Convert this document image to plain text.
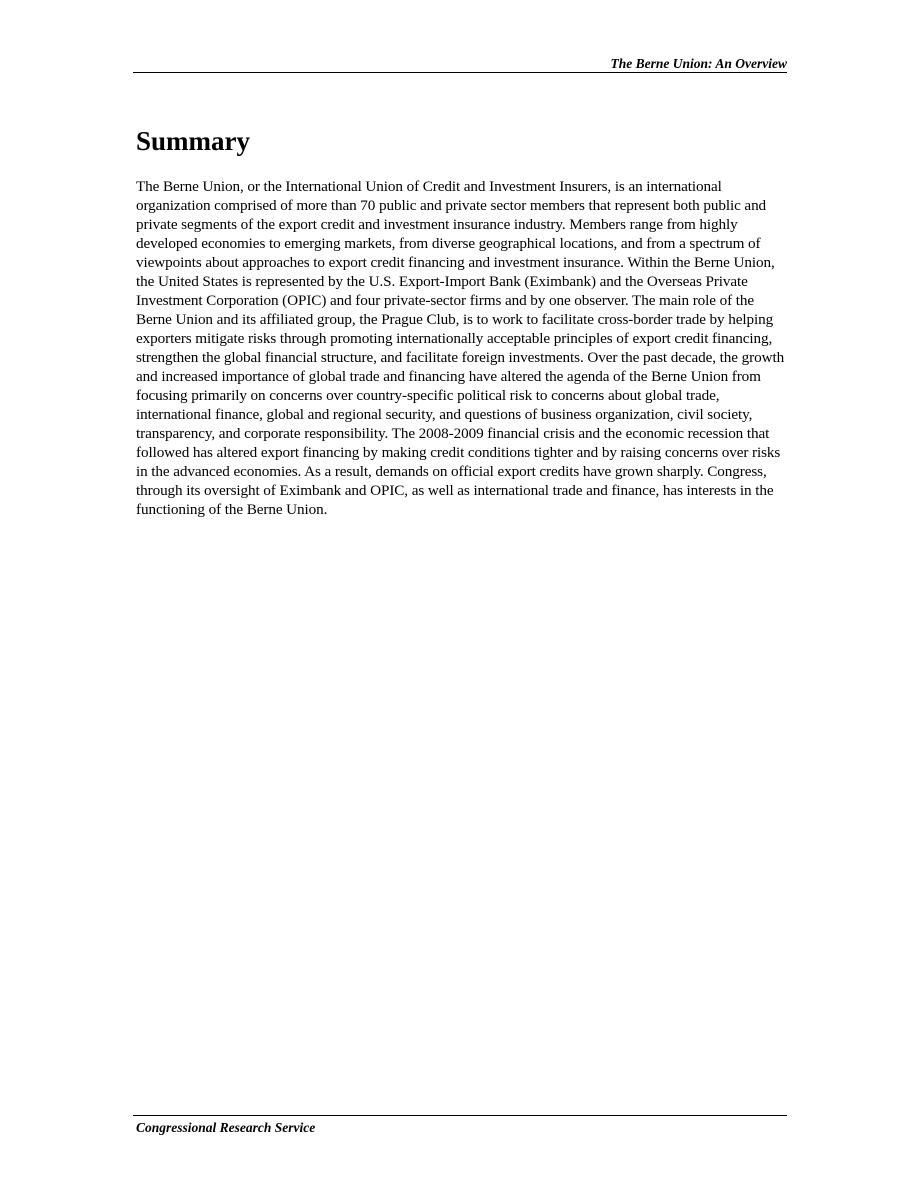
The Berne Union: An Overview
Summary

The Berne Union, or the International Union of Credit and Investment Insurers, is an international organization comprised of more than 70 public and private sector members that represent both public and private segments of the export credit and investment insurance industry. Members range from highly developed economies to emerging markets, from diverse geographical locations, and from a spectrum of viewpoints about approaches to export credit financing and investment insurance. Within the Berne Union, the United States is represented by the U.S. Export-Import Bank (Eximbank) and the Overseas Private Investment Corporation (OPIC) and four private-sector firms and by one observer. The main role of the Berne Union and its affiliated group, the Prague Club, is to work to facilitate cross-border trade by helping exporters mitigate risks through promoting internationally acceptable principles of export credit financing, strengthen the global financial structure, and facilitate foreign investments. Over the past decade, the growth and increased importance of global trade and financing have altered the agenda of the Berne Union from focusing primarily on concerns over country-specific political risk to concerns about global trade, international finance, global and regional security, and questions of business organization, civil society, transparency, and corporate responsibility. The 2008-2009 financial crisis and the economic recession that followed has altered export financing by making credit conditions tighter and by raising concerns over risks in the advanced economies. As a result, demands on official export credits have grown sharply. Congress, through its oversight of Eximbank and OPIC, as well as international trade and finance, has interests in the functioning of the Berne Union.

Congressional Research Service
